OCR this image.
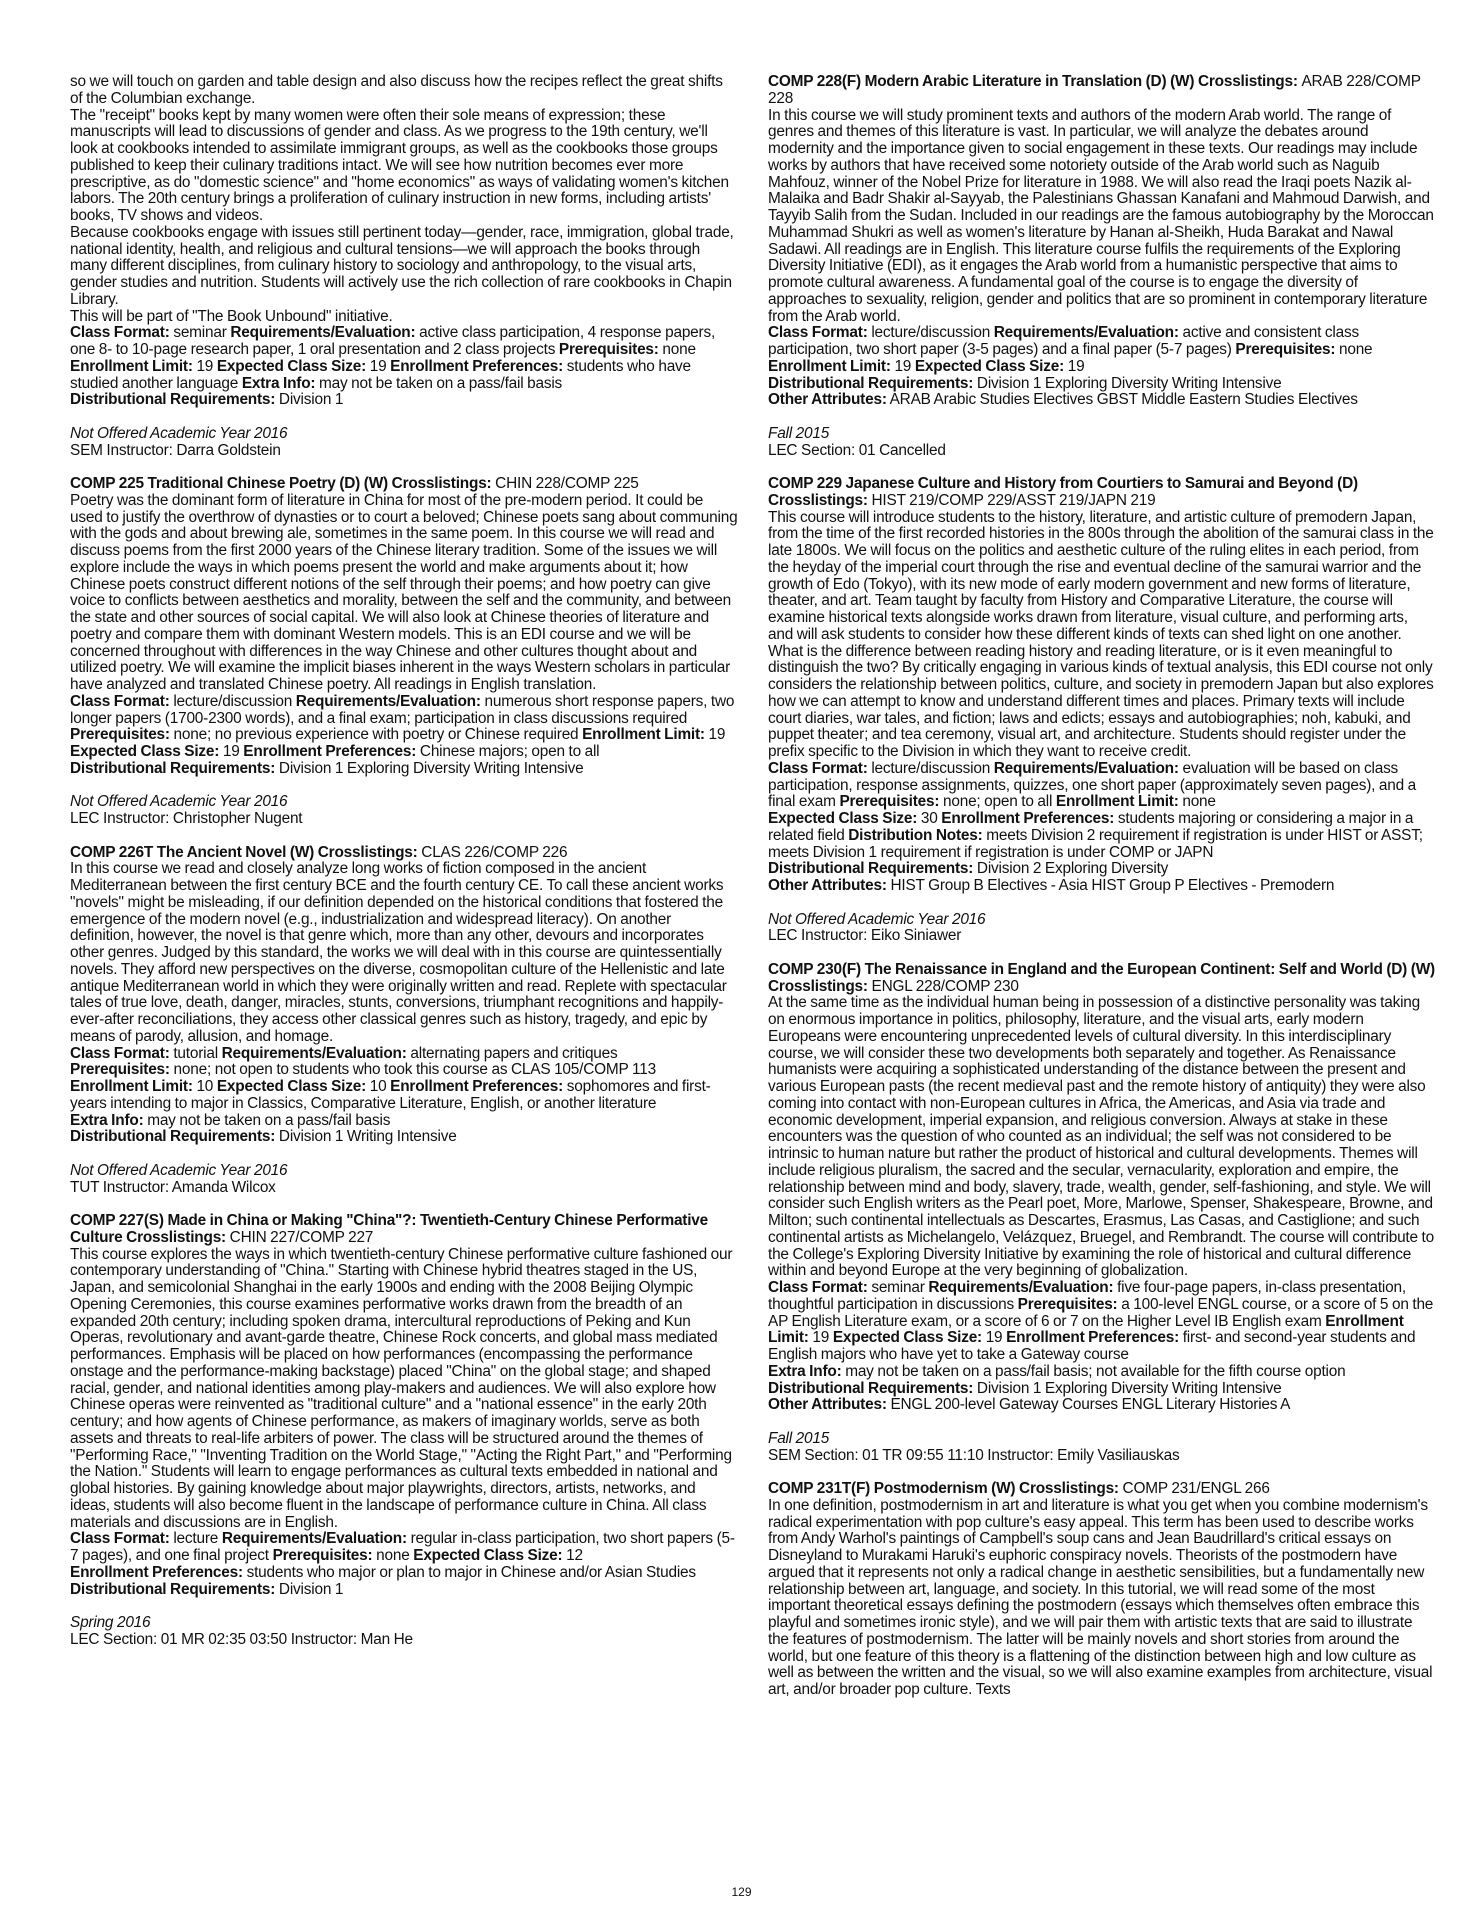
so we will touch on garden and table design and also discuss how the recipes reflect the great shifts of the Columbian exchange.

The "receipt" books kept by many women were often their sole means of expression; these manuscripts will lead to discussions of gender and class. As we progress to the 19th century, we'll look at cookbooks intended to assimilate immigrant groups, as well as the cookbooks those groups published to keep their culinary traditions intact. We will see how nutrition becomes ever more prescriptive, as do "domestic science" and "home economics" as ways of validating women's kitchen labors. The 20th century brings a proliferation of culinary instruction in new forms, including artists' books, TV shows and videos.

Because cookbooks engage with issues still pertinent today—gender, race, immigration, global trade, national identity, health, and religious and cultural tensions—we will approach the books through many different disciplines, from culinary history to sociology and anthropology, to the visual arts, gender studies and nutrition. Students will actively use the rich collection of rare cookbooks in Chapin Library.

This will be part of "The Book Unbound" initiative.

Class Format: seminar Requirements/Evaluation: active class participation, 4 response papers, one 8- to 10-page research paper, 1 oral presentation and 2 class projects Prerequisites: none Enrollment Limit: 19 Expected Class Size: 19 Enrollment Preferences: students who have studied another language Extra Info: may not be taken on a pass/fail basis

Distributional Requirements: Division 1

Not Offered Academic Year 2016

SEM Instructor: Darra Goldstein

COMP 225 Traditional Chinese Poetry (D) (W) Crosslistings: CHIN 228/COMP 225

Poetry was the dominant form of literature in China for most of the pre-modern period. It could be used to justify the overthrow of dynasties or to court a beloved; Chinese poets sang about communing with the gods and about brewing ale, sometimes in the same poem. In this course we will read and discuss poems from the first 2000 years of the Chinese literary tradition. Some of the issues we will explore include the ways in which poems present the world and make arguments about it; how Chinese poets construct different notions of the self through their poems; and how poetry can give voice to conflicts between aesthetics and morality, between the self and the community, and between the state and other sources of social capital. We will also look at Chinese theories of literature and poetry and compare them with dominant Western models. This is an EDI course and we will be concerned throughout with differences in the way Chinese and other cultures thought about and utilized poetry. We will examine the implicit biases inherent in the ways Western scholars in particular have analyzed and translated Chinese poetry. All readings in English translation.

Class Format: lecture/discussion Requirements/Evaluation: numerous short response papers, two longer papers (1700-2300 words), and a final exam; participation in class discussions required Prerequisites: none; no previous experience with poetry or Chinese required Enrollment Limit: 19 Expected Class Size: 19 Enrollment Preferences: Chinese majors; open to all

Distributional Requirements: Division 1 Exploring Diversity Writing Intensive

Not Offered Academic Year 2016

LEC Instructor: Christopher Nugent

COMP 226T The Ancient Novel (W) Crosslistings: CLAS 226/COMP 226

In this course we read and closely analyze long works of fiction composed in the ancient Mediterranean between the first century BCE and the fourth century CE. To call these ancient works "novels" might be misleading, if our definition depended on the historical conditions that fostered the emergence of the modern novel (e.g., industrialization and widespread literacy). On another definition, however, the novel is that genre which, more than any other, devours and incorporates other genres. Judged by this standard, the works we will deal with in this course are quintessentially novels. They afford new perspectives on the diverse, cosmopolitan culture of the Hellenistic and late antique Mediterranean world in which they were originally written and read. Replete with spectacular tales of true love, death, danger, miracles, stunts, conversions, triumphant recognitions and happily-ever-after reconciliations, they access other classical genres such as history, tragedy, and epic by means of parody, allusion, and homage.

Class Format: tutorial Requirements/Evaluation: alternating papers and critiques

Prerequisites: none; not open to students who took this course as CLAS 105/COMP 113

Enrollment Limit: 10 Expected Class Size: 10 Enrollment Preferences: sophomores and first-years intending to major in Classics, Comparative Literature, English, or another literature

Extra Info: may not be taken on a pass/fail basis

Distributional Requirements: Division 1 Writing Intensive

Not Offered Academic Year 2016

TUT Instructor: Amanda Wilcox

COMP 227(S) Made in China or Making "China"?: Twentieth-Century Chinese Performative Culture Crosslistings: CHIN 227/COMP 227

This course explores the ways in which twentieth-century Chinese performative culture fashioned our contemporary understanding of "China." Starting with Chinese hybrid theatres staged in the US, Japan, and semicolonial Shanghai in the early 1900s and ending with the 2008 Beijing Olympic Opening Ceremonies, this course examines performative works drawn from the breadth of an expanded 20th century; including spoken drama, intercultural reproductions of Peking and Kun Operas, revolutionary and avant-garde theatre, Chinese Rock concerts, and global mass mediated performances. Emphasis will be placed on how performances (encompassing the performance onstage and the performance-making backstage) placed "China" on the global stage; and shaped racial, gender, and national identities among play-makers and audiences. We will also explore how Chinese operas were reinvented as "traditional culture" and a "national essence" in the early 20th century; and how agents of Chinese performance, as makers of imaginary worlds, serve as both assets and threats to real-life arbiters of power. The class will be structured around the themes of "Performing Race," "Inventing Tradition on the World Stage," "Acting the Right Part," and "Performing the Nation." Students will learn to engage performances as cultural texts embedded in national and global histories. By gaining knowledge about major playwrights, directors, artists, networks, and ideas, students will also become fluent in the landscape of performance culture in China. All class materials and discussions are in English.

Class Format: lecture Requirements/Evaluation: regular in-class participation, two short papers (5-7 pages), and one final project Prerequisites: none Expected Class Size: 12

Enrollment Preferences: students who major or plan to major in Chinese and/or Asian Studies

Distributional Requirements: Division 1

Spring 2016

LEC Section: 01 MR 02:35 03:50 Instructor: Man He

COMP 228(F) Modern Arabic Literature in Translation (D) (W) Crosslistings: ARAB 228/COMP 228

In this course we will study prominent texts and authors of the modern Arab world. The range of genres and themes of this literature is vast. In particular, we will analyze the debates around modernity and the importance given to social engagement in these texts. Our readings may include works by authors that have received some notoriety outside of the Arab world such as Naguib Mahfouz, winner of the Nobel Prize for literature in 1988. We will also read the Iraqi poets Nazik al-Malaika and Badr Shakir al-Sayyab, the Palestinians Ghassan Kanafani and Mahmoud Darwish, and Tayyib Salih from the Sudan. Included in our readings are the famous autobiography by the Moroccan Muhammad Shukri as well as women's literature by Hanan al-Sheikh, Huda Barakat and Nawal Sadawi. All readings are in English. This literature course fulfils the requirements of the Exploring Diversity Initiative (EDI), as it engages the Arab world from a humanistic perspective that aims to promote cultural awareness. A fundamental goal of the course is to engage the diversity of approaches to sexuality, religion, gender and politics that are so prominent in contemporary literature from the Arab world.

Class Format: lecture/discussion Requirements/Evaluation: active and consistent class participation, two short paper (3-5 pages) and a final paper (5-7 pages) Prerequisites: none

Enrollment Limit: 19 Expected Class Size: 19

Distributional Requirements: Division 1 Exploring Diversity Writing Intensive

Other Attributes: ARAB Arabic Studies Electives GBST Middle Eastern Studies Electives

Fall 2015

LEC Section: 01 Cancelled

COMP 229 Japanese Culture and History from Courtiers to Samurai and Beyond (D)
Crosslistings: HIST 219/COMP 229/ASST 219/JAPN 219

This course will introduce students to the history, literature, and artistic culture of premodern Japan, from the time of the first recorded histories in the 800s through the abolition of the samurai class in the late 1800s. We will focus on the politics and aesthetic culture of the ruling elites in each period, from the heyday of the imperial court through the rise and eventual decline of the samurai warrior and the growth of Edo (Tokyo), with its new mode of early modern government and new forms of literature, theater, and art. Team taught by faculty from History and Comparative Literature, the course will examine historical texts alongside works drawn from literature, visual culture, and performing arts, and will ask students to consider how these different kinds of texts can shed light on one another. What is the difference between reading history and reading literature, or is it even meaningful to distinguish the two? By critically engaging in various kinds of textual analysis, this EDI course not only considers the relationship between politics, culture, and society in premodern Japan but also explores how we can attempt to know and understand different times and places. Primary texts will include court diaries, war tales, and fiction; laws and edicts; essays and autobiographies; noh, kabuki, and puppet theater; and tea ceremony, visual art, and architecture. Students should register under the prefix specific to the Division in which they want to receive credit.

Class Format: lecture/discussion Requirements/Evaluation: evaluation will be based on class participation, response assignments, quizzes, one short paper (approximately seven pages), and a final exam Prerequisites: none; open to all Enrollment Limit: none

Expected Class Size: 30 Enrollment Preferences: students majoring or considering a major in a related field Distribution Notes: meets Division 2 requirement if registration is under HIST or ASST; meets Division 1 requirement if registration is under COMP or JAPN

Distributional Requirements: Division 2 Exploring Diversity

Other Attributes: HIST Group B Electives - Asia HIST Group P Electives - Premodern

Not Offered Academic Year 2016

LEC Instructor: Eiko Siniawer

COMP 230(F) The Renaissance in England and the European Continent: Self and World (D) (W) Crosslistings: ENGL 228/COMP 230

At the same time as the individual human being in possession of a distinctive personality was taking on enormous importance in politics, philosophy, literature, and the visual arts, early modern Europeans were encountering unprecedented levels of cultural diversity. In this interdisciplinary course, we will consider these two developments both separately and together. As Renaissance humanists were acquiring a sophisticated understanding of the distance between the present and various European pasts (the recent medieval past and the remote history of antiquity) they were also coming into contact with non-European cultures in Africa, the Americas, and Asia via trade and economic development, imperial expansion, and religious conversion. Always at stake in these encounters was the question of who counted as an individual; the self was not considered to be intrinsic to human nature but rather the product of historical and cultural developments. Themes will include religious pluralism, the sacred and the secular, vernacularity, exploration and empire, the relationship between mind and body, slavery, trade, wealth, gender, self-fashioning, and style. We will consider such English writers as the Pearl poet, More, Marlowe, Spenser, Shakespeare, Browne, and Milton; such continental intellectuals as Descartes, Erasmus, Las Casas, and Castiglione; and such continental artists as Michelangelo, Velázquez, Bruegel, and Rembrandt. The course will contribute to the College's Exploring Diversity Initiative by examining the role of historical and cultural difference within and beyond Europe at the very beginning of globalization.

Class Format: seminar Requirements/Evaluation: five four-page papers, in-class presentation, thoughtful participation in discussions Prerequisites: a 100-level ENGL course, or a score of 5 on the AP English Literature exam, or a score of 6 or 7 on the Higher Level IB English exam Enrollment Limit: 19 Expected Class Size: 19 Enrollment Preferences: first- and second-year students and English majors who have yet to take a Gateway course

Extra Info: may not be taken on a pass/fail basis; not available for the fifth course option

Distributional Requirements: Division 1 Exploring Diversity Writing Intensive

Other Attributes: ENGL 200-level Gateway Courses ENGL Literary Histories A

Fall 2015

SEM Section: 01 TR 09:55 11:10 Instructor: Emily Vasiliauskas

COMP 231T(F) Postmodernism (W) Crosslistings: COMP 231/ENGL 266

In one definition, postmodernism in art and literature is what you get when you combine modernism's radical experimentation with pop culture's easy appeal. This term has been used to describe works from Andy Warhol's paintings of Campbell's soup cans and Jean Baudrillard's critical essays on Disneyland to Murakami Haruki's euphoric conspiracy novels. Theorists of the postmodern have argued that it represents not only a radical change in aesthetic sensibilities, but a fundamentally new relationship between art, language, and society. In this tutorial, we will read some of the most important theoretical essays defining the postmodern (essays which themselves often embrace this playful and sometimes ironic style), and we will pair them with artistic texts that are said to illustrate the features of postmodernism. The latter will be mainly novels and short stories from around the world, but one feature of this theory is a flattening of the distinction between high and low culture as well as between the written and the visual, so we will also examine examples from architecture, visual art, and/or broader pop culture. Texts

129
